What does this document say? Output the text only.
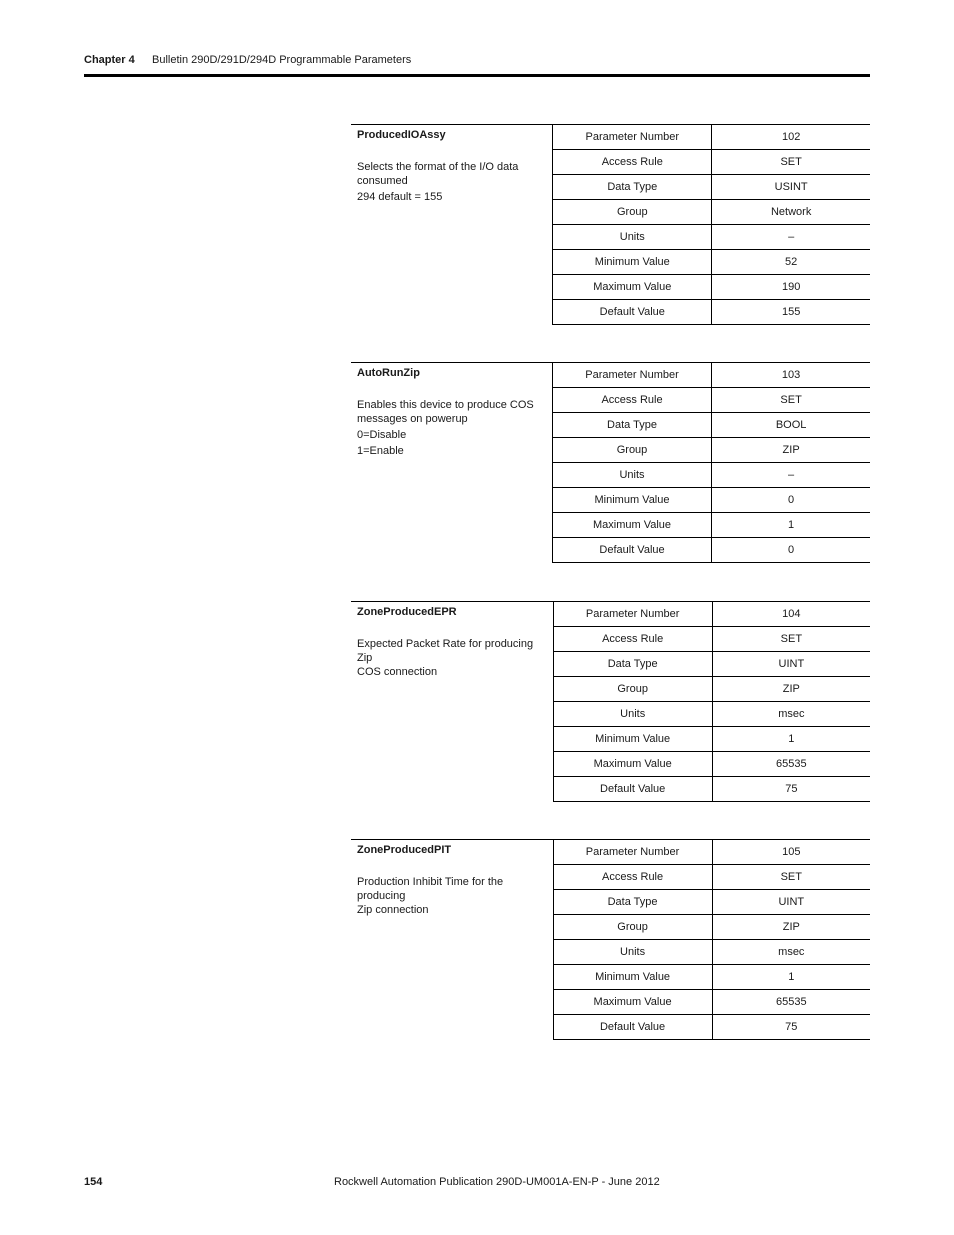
Chapter 4 Bulletin 290D/291D/294D Programmable Parameters
ProducedIOAssy
Selects the format of the I/O data
consumed
294 default = 155	Parameter Number	102
	Access Rule	SET
	Data Type	USINT
	Group	Network
	Units	–
	Minimum Value	52
	Maximum Value	190
	Default Value	155
AutoRunZip
Enables this device to produce COS
messages on powerup
0=Disable
1=Enable	Parameter Number	103
	Access Rule	SET
	Data Type	BOOL
	Group	ZIP
	Units	–
	Minimum Value	0
	Maximum Value	1
	Default Value	0
ZoneProducedEPR
Expected Packet Rate for producing Zip
COS connection	Parameter Number	104
	Access Rule	SET
	Data Type	UINT
	Group	ZIP
	Units	msec
	Minimum Value	1
	Maximum Value	65535
	Default Value	75
ZoneProducedPIT
Production Inhibit Time for the producing
Zip connection	Parameter Number	105
	Access Rule	SET
	Data Type	UINT
	Group	ZIP
	Units	msec
	Minimum Value	1
	Maximum Value	65535
	Default Value	75
154	Rockwell Automation Publication 290D-UM001A-EN-P - June 2012
